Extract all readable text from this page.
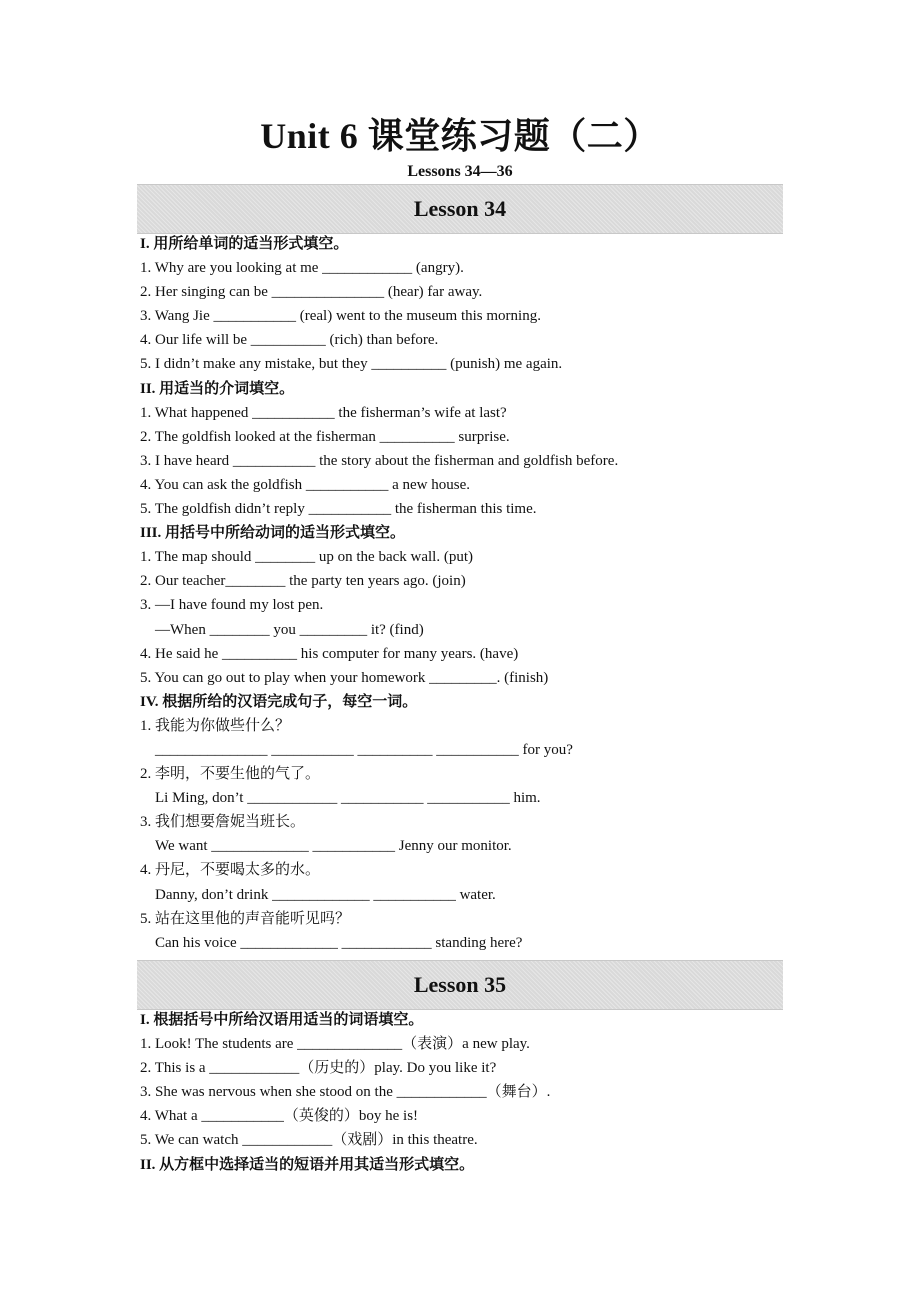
Unit 6 课堂练习题（二）
Lessons 34—36
Lesson 34
I. 用所给单词的适当形式填空。
1. Why are you looking at me ____________ (angry).
2. Her singing can be _______________ (hear) far away.
3. Wang Jie ___________ (real) went to the museum this morning.
4. Our life will be __________ (rich) than before.
5. I didn’t make any mistake, but they __________ (punish) me again.
II. 用适当的介词填空。
1. What happened ___________ the fisherman’s wife at last?
2. The goldfish looked at the fisherman __________ surprise.
3. I have heard ___________ the story about the fisherman and goldfish before.
4. You can ask the goldfish ___________ a new house.
5. The goldfish didn’t reply ___________ the fisherman this time.
III. 用括号中所给动词的适当形式填空。
1. The map should ________ up on the back wall. (put)
2. Our teacher________ the party ten years ago. (join)
3. —I have found my lost pen.
—When ________ you _________ it? (find)
4. He said he __________ his computer for many years. (have)
5. You can go out to play when your homework _________. (finish)
IV. 根据所给的汉语完成句子，每空一词。
1. 我能为你做些什么？
_______________ ___________ __________ ___________ for you?
2. 李明，不要生他的气了。
Li Ming, don’t ____________ ___________ ___________ him.
3. 我们想要詹妮当班长。
We want _____________ ___________ Jenny our monitor.
4. 丹尼，不要喝太多的水。
Danny, don’t drink _____________ ___________ water.
5. 站在这里他的声音能听见吗？
Can his voice _____________ ____________ standing here?
Lesson 35
I. 根据括号中所给汉语用适当的词语填空。
1. Look! The students are ______________（表演）a new play.
2. This is a ____________（历史的）play. Do you like it?
3. She was nervous when she stood on the ____________（舞台）.
4. What a ___________（英俊的）boy he is!
5. We can watch ____________（戏剧）in this theatre.
II. 从方框中选择适当的短语并用其适当形式填空。
